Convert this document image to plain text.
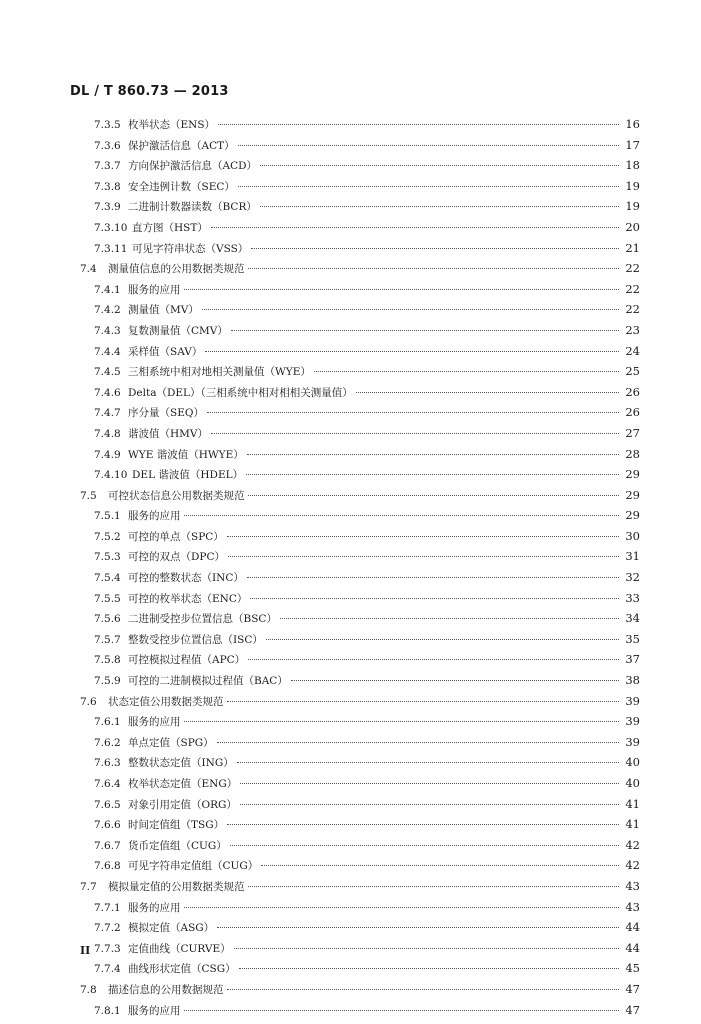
DL / T 860.73 — 2013
7.3.5 枚举状态（ENS）	16
7.3.6 保护激活信息（ACT）	17
7.3.7 方向保护激活信息（ACD）	18
7.3.8 安全违例计数（SEC）	19
7.3.9 二进制计数器读数（BCR）	19
7.3.10 直方图（HST）	20
7.3.11 可见字符串状态（VSS）	21
7.4	测量值信息的公用数据类规范	22
7.4.1 服务的应用	22
7.4.2 测量值（MV）	22
7.4.3 复数测量值（CMV）	23
7.4.4 采样值（SAV）	24
7.4.5 三相系统中相对地相关测量值（WYE）	25
7.4.6 Delta（DEL）（三相系统中相对相相关测量值）	26
7.4.7 序分量（SEQ）	26
7.4.8 谐波值（HMV）	27
7.4.9 WYE 谐波值（HWYE）	28
7.4.10 DEL 谐波值（HDEL）	29
7.5	可控状态信息公用数据类规范	29
7.5.1 服务的应用	29
7.5.2 可控的单点（SPC）	30
7.5.3 可控的双点（DPC）	31
7.5.4 可控的整数状态（INC）	32
7.5.5 可控的枚举状态（ENC）	33
7.5.6 二进制受控步位置信息（BSC）	34
7.5.7 整数受控步位置信息（ISC）	35
7.5.8 可控模拟过程值（APC）	37
7.5.9 可控的二进制模拟过程值（BAC）	38
7.6	状态定值公用数据类规范	39
7.6.1 服务的应用	39
7.6.2 单点定值（SPG）	39
7.6.3 整数状态定值（ING）	40
7.6.4 枚举状态定值（ENG）	40
7.6.5 对象引用定值（ORG）	41
7.6.6 时间定值组（TSG）	41
7.6.7 货币定值组（CUG）	42
7.6.8 可见字符串定值组（CUG）	42
7.7	模拟量定值的公用数据类规范	43
7.7.1 服务的应用	43
7.7.2 模拟定值（ASG）	44
7.7.3 定值曲线（CURVE）	44
7.7.4 曲线形状定值（CSG）	45
7.8	描述信息的公用数据规范	47
7.8.1 服务的应用	47
II
